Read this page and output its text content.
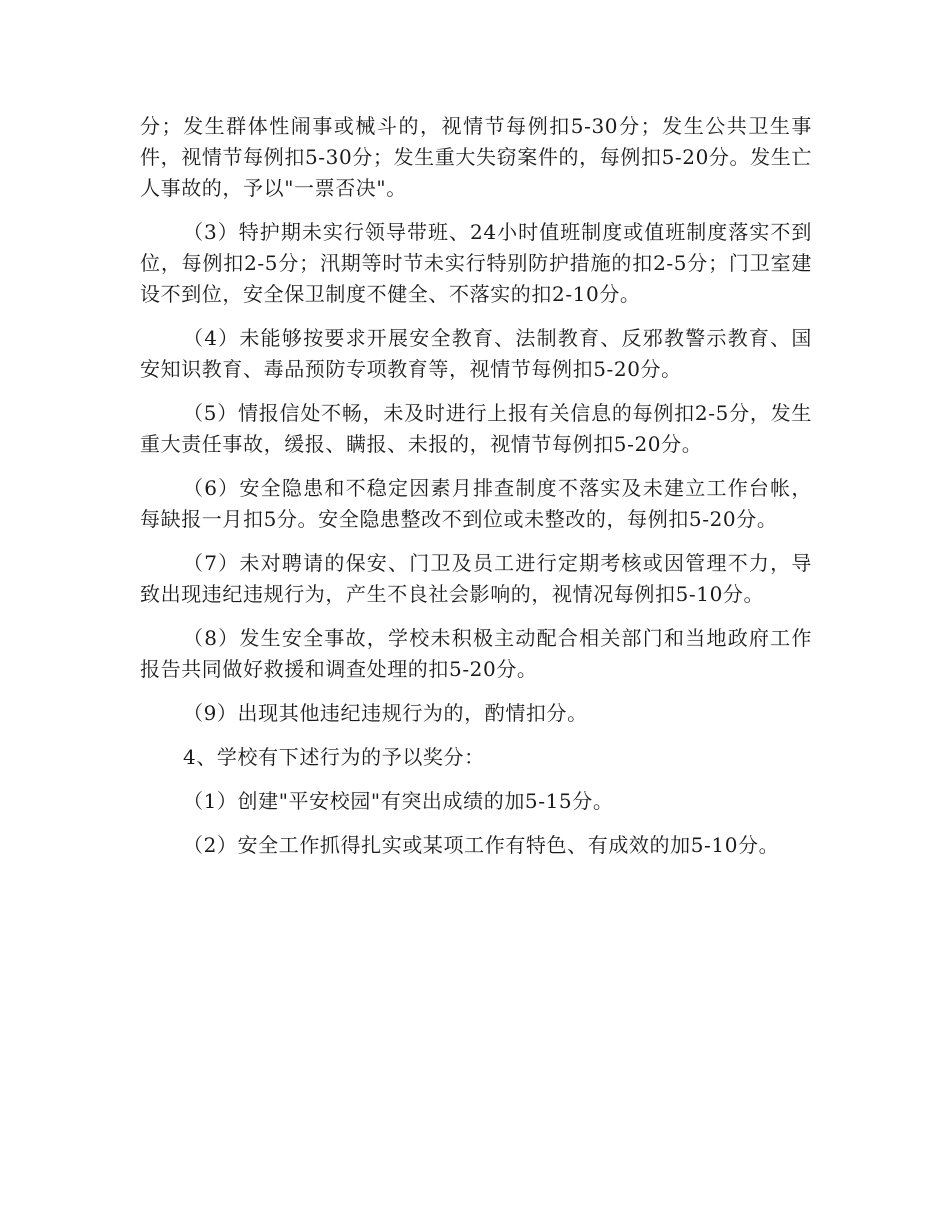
分；发生群体性闹事或械斗的，视情节每例扣5-30分；发生公共卫生事件，视情节每例扣5-30分；发生重大失窃案件的，每例扣5-20分。发生亡人事故的，予以"一票否决"。

（3）特护期未实行领导带班、24小时值班制度或值班制度落实不到位，每例扣2-5分；汛期等时节未实行特别防护措施的扣2-5分；门卫室建设不到位，安全保卫制度不健全、不落实的扣2-10分。

（4）未能够按要求开展安全教育、法制教育、反邪教警示教育、国安知识教育、毒品预防专项教育等，视情节每例扣5-20分。

（5）情报信处不畅，未及时进行上报有关信息的每例扣2-5分，发生重大责任事故，缓报、瞒报、未报的，视情节每例扣5-20分。

（6）安全隐患和不稳定因素月排查制度不落实及未建立工作台帐，每缺报一月扣5分。安全隐患整改不到位或未整改的，每例扣5-20分。

（7）未对聘请的保安、门卫及员工进行定期考核或因管理不力，导致出现违纪违规行为，产生不良社会影响的，视情况每例扣5-10分。

（8）发生安全事故，学校未积极主动配合相关部门和当地政府工作报告共同做好救援和调查处理的扣5-20分。

（9）出现其他违纪违规行为的，酌情扣分。

4、学校有下述行为的予以奖分：

（1）创建"平安校园"有突出成绩的加5-15分。

（2）安全工作抓得扎实或某项工作有特色、有成效的加5-10分。
